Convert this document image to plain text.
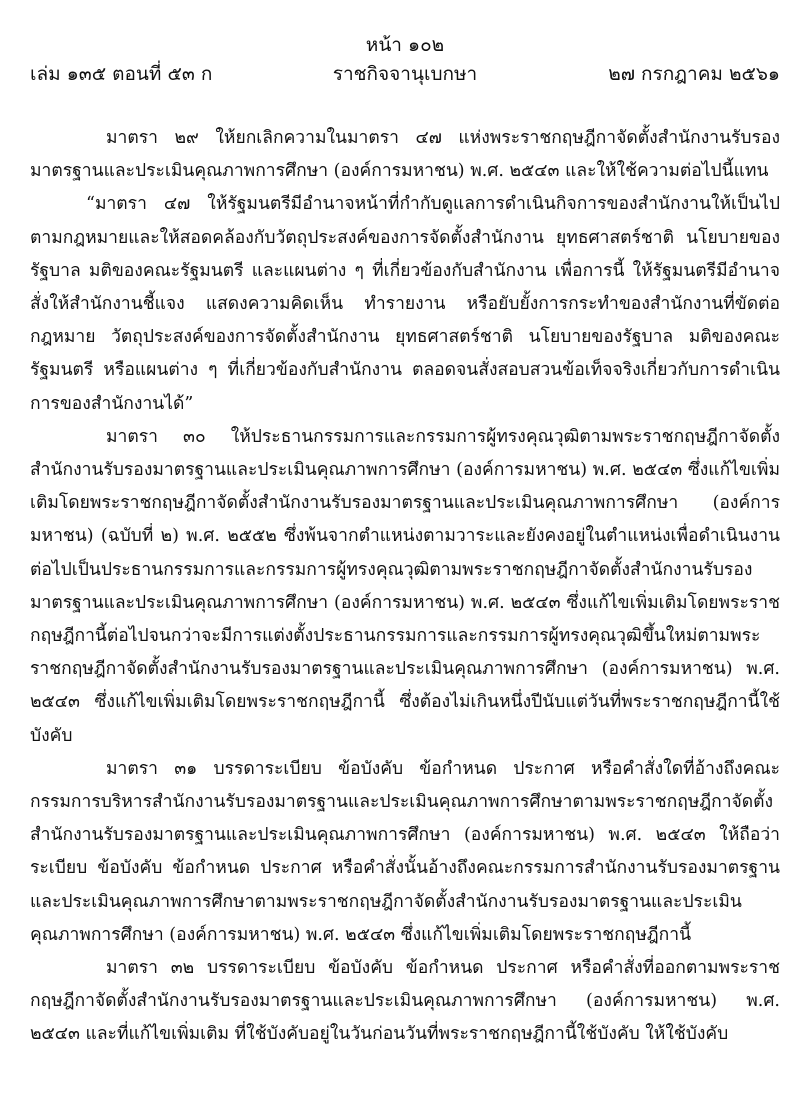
หน้า ๑๐๒
เล่ม ๑๓๕ ตอนที่ ๕๓ ก	ราชกิจจานุเบกษา	๒๗ กรกฎาคม ๒๕๖๑

มาตรา ๒๙ ให้ยกเลิกความในมาตรา ๔๗ แห่งพระราชกฤษฎีกาจัดตั้งสำนักงานรับรองมาตรฐานและประเมินคุณภาพการศึกษา (องค์การมหาชน) พ.ศ. ๒๕๔๓ และให้ใช้ความต่อไปนี้แทน

“มาตรา ๔๗ ให้รัฐมนตรีมีอำนาจหน้าที่กำกับดูแลการดำเนินกิจการของสำนักงานให้เป็นไปตามกฎหมายและให้สอดคล้องกับวัตถุประสงค์ของการจัดตั้งสำนักงาน ยุทธศาสตร์ชาติ นโยบายของรัฐบาล มติของคณะรัฐมนตรี และแผนต่าง ๆ ที่เกี่ยวข้องกับสำนักงาน เพื่อการนี้ ให้รัฐมนตรีมีอำนาจสั่งให้สำนักงานชี้แจง แสดงความคิดเห็น ทำรายงาน หรือยับยั้งการกระทำของสำนักงานที่ขัดต่อกฎหมาย วัตถุประสงค์ของการจัดตั้งสำนักงาน ยุทธศาสตร์ชาติ นโยบายของรัฐบาล มติของคณะรัฐมนตรี หรือแผนต่าง ๆ ที่เกี่ยวข้องกับสำนักงาน ตลอดจนสั่งสอบสวนข้อเท็จจริงเกี่ยวกับการดำเนินการของสำนักงานได้”

มาตรา ๓๐ ให้ประธานกรรมการและกรรมการผู้ทรงคุณวุฒิตามพระราชกฤษฎีกาจัดตั้งสำนักงานรับรองมาตรฐานและประเมินคุณภาพการศึกษา (องค์การมหาชน) พ.ศ. ๒๕๔๓ ซึ่งแก้ไขเพิ่มเติมโดยพระราชกฤษฎีกาจัดตั้งสำนักงานรับรองมาตรฐานและประเมินคุณภาพการศึกษา (องค์การมหาชน) (ฉบับที่ ๒) พ.ศ. ๒๕๕๒ ซึ่งพ้นจากตำแหน่งตามวาระและยังคงอยู่ในตำแหน่งเพื่อดำเนินงานต่อไปเป็นประธานกรรมการและกรรมการผู้ทรงคุณวุฒิตามพระราชกฤษฎีกาจัดตั้งสำนักงานรับรองมาตรฐานและประเมินคุณภาพการศึกษา (องค์การมหาชน) พ.ศ. ๒๕๔๓ ซึ่งแก้ไขเพิ่มเติมโดยพระราชกฤษฎีกานี้ต่อไปจนกว่าจะมีการแต่งตั้งประธานกรรมการและกรรมการผู้ทรงคุณวุฒิขึ้นใหม่ตามพระราชกฤษฎีกาจัดตั้งสำนักงานรับรองมาตรฐานและประเมินคุณภาพการศึกษา (องค์การมหาชน) พ.ศ. ๒๕๔๓ ซึ่งแก้ไขเพิ่มเติมโดยพระราชกฤษฎีกานี้ ซึ่งต้องไม่เกินหนึ่งปีนับแต่วันที่พระราชกฤษฎีกานี้ใช้บังคับ

มาตรา ๓๑ บรรดาระเบียบ ข้อบังคับ ข้อกำหนด ประกาศ หรือคำสั่งใดที่อ้างถึงคณะกรรมการบริหารสำนักงานรับรองมาตรฐานและประเมินคุณภาพการศึกษาตามพระราชกฤษฎีกาจัดตั้งสำนักงานรับรองมาตรฐานและประเมินคุณภาพการศึกษา (องค์การมหาชน) พ.ศ. ๒๕๔๓ ให้ถือว่าระเบียบ ข้อบังคับ ข้อกำหนด ประกาศ หรือคำสั่งนั้นอ้างถึงคณะกรรมการสำนักงานรับรองมาตรฐานและประเมินคุณภาพการศึกษาตามพระราชกฤษฎีกาจัดตั้งสำนักงานรับรองมาตรฐานและประเมินคุณภาพการศึกษา (องค์การมหาชน) พ.ศ. ๒๕๔๓ ซึ่งแก้ไขเพิ่มเติมโดยพระราชกฤษฎีกานี้

มาตรา ๓๒ บรรดาระเบียบ ข้อบังคับ ข้อกำหนด ประกาศ หรือคำสั่งที่ออกตามพระราชกฤษฎีกาจัดตั้งสำนักงานรับรองมาตรฐานและประเมินคุณภาพการศึกษา (องค์การมหาชน) พ.ศ. ๒๕๔๓ และที่แก้ไขเพิ่มเติม ที่ใช้บังคับอยู่ในวันก่อนวันที่พระราชกฤษฎีกานี้ใช้บังคับ ให้ใช้บังคับ
